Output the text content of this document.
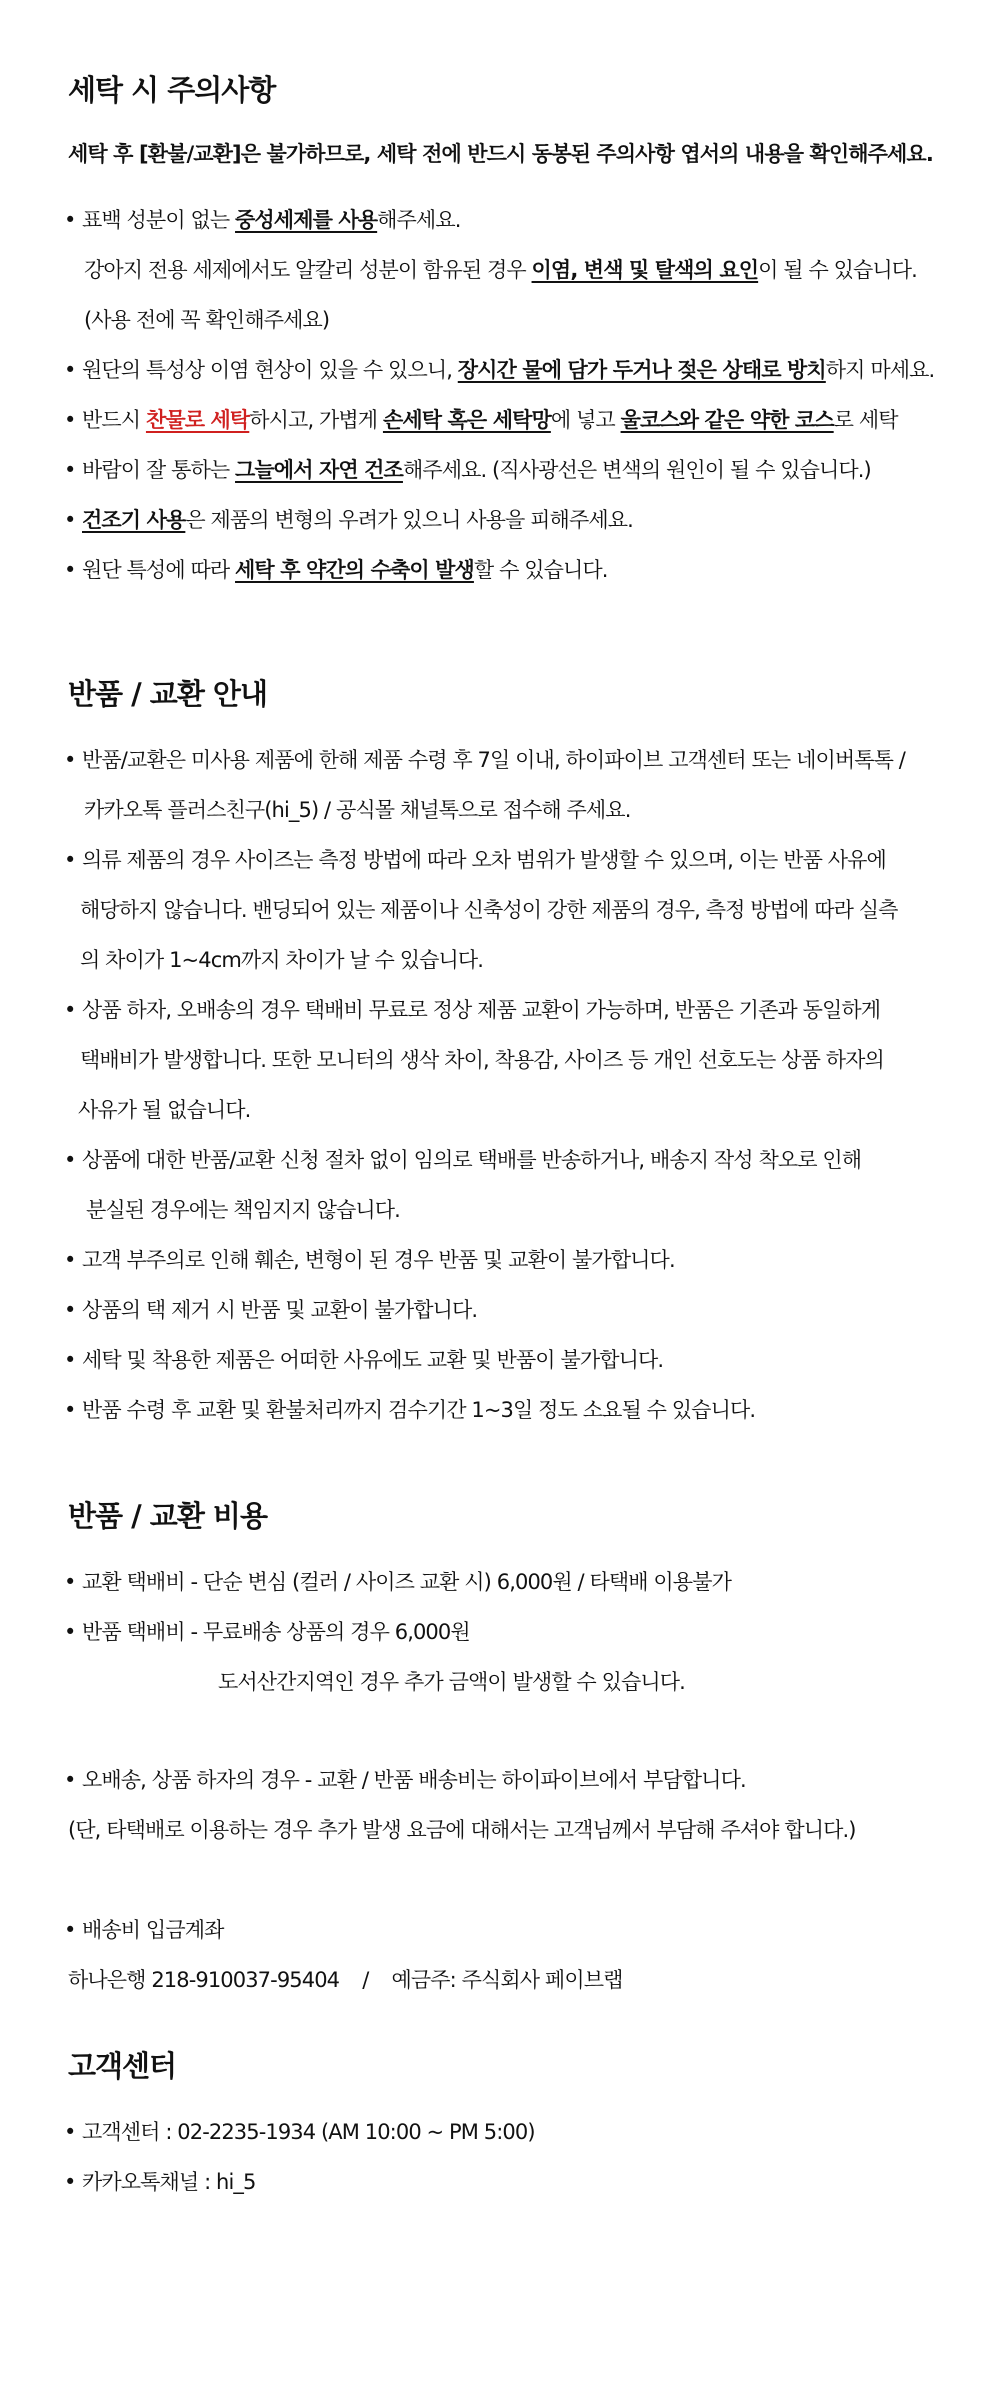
세탁 시 주의사항

세탁 후 [환불/교환]은 불가하므로, 세탁 전에 반드시 동봉된 주의사항 엽서의 내용을 확인해주세요.

• 표백 성분이 없는 중성세제를 사용해주세요.

강아지 전용 세제에서도 알칼리 성분이 함유된 경우 이염, 변색 및 탈색의 요인이 될 수 있습니다.

(사용 전에 꼭 확인해주세요)

• 원단의 특성상 이염 현상이 있을 수 있으니, 장시간 물에 담가 두거나 젖은 상태로 방치하지 마세요.

• 반드시 찬물로 세탁하시고, 가볍게 손세탁 혹은 세탁망에 넣고 울코스와 같은 약한 코스로 세탁

• 바람이 잘 통하는 그늘에서 자연 건조해주세요. (직사광선은 변색의 원인이 될 수 있습니다.)

• 건조기 사용은 제품의 변형의 우려가 있으니 사용을 피해주세요.

• 원단 특성에 따라 세탁 후 약간의 수축이 발생할 수 있습니다.

반품 / 교환 안내

• 반품/교환은 미사용 제품에 한해 제품 수령 후 7일 이내, 하이파이브 고객센터 또는 네이버톡톡 /

카카오톡 플러스친구(hi_5) / 공식몰 채널톡으로 접수해 주세요.

• 의류 제품의 경우 사이즈는 측정 방법에 따라 오차 범위가 발생할 수 있으며, 이는 반품 사유에

해당하지 않습니다. 밴딩되어 있는 제품이나 신축성이 강한 제품의 경우, 측정 방법에 따라 실측

의 차이가 1~4cm까지 차이가 날 수 있습니다.

• 상품 하자, 오배송의 경우 택배비 무료로 정상 제품 교환이 가능하며, 반품은 기존과 동일하게

택배비가 발생합니다. 또한 모니터의 생삭 차이, 착용감, 사이즈 등 개인 선호도는 상품 하자의

사유가 될 없습니다.

• 상품에 대한 반품/교환 신청 절차 없이 임의로 택배를 반송하거나, 배송지 작성 착오로 인해

분실된 경우에는 책임지지 않습니다.

• 고객 부주의로 인해 훼손, 변형이 된 경우 반품 및 교환이 불가합니다.

• 상품의 택 제거 시 반품 및 교환이 불가합니다.

• 세탁 및 착용한 제품은 어떠한 사유에도 교환 및 반품이 불가합니다.

• 반품 수령 후 교환 및 환불처리까지 검수기간 1~3일 정도 소요될 수 있습니다.

반품 / 교환 비용

• 교환 택배비 - 단순 변심 (컬러 / 사이즈 교환 시) 6,000원 / 타택배 이용불가

• 반품 택배비 - 무료배송 상품의 경우 6,000원

도서산간지역인 경우 추가 금액이 발생할 수 있습니다.

• 오배송, 상품 하자의 경우 - 교환 / 반품 배송비는 하이파이브에서 부담합니다.

(단, 타택배로 이용하는 경우 추가 발생 요금에 대해서는 고객님께서 부담해 주셔야 합니다.)

• 배송비 입금계좌

하나은행 218-910037-95404    /    예금주: 주식회사 페이브랩

고객센터

• 고객센터 : 02-2235-1934 (AM 10:00 ~ PM 5:00)

• 카카오톡채널 : hi_5
